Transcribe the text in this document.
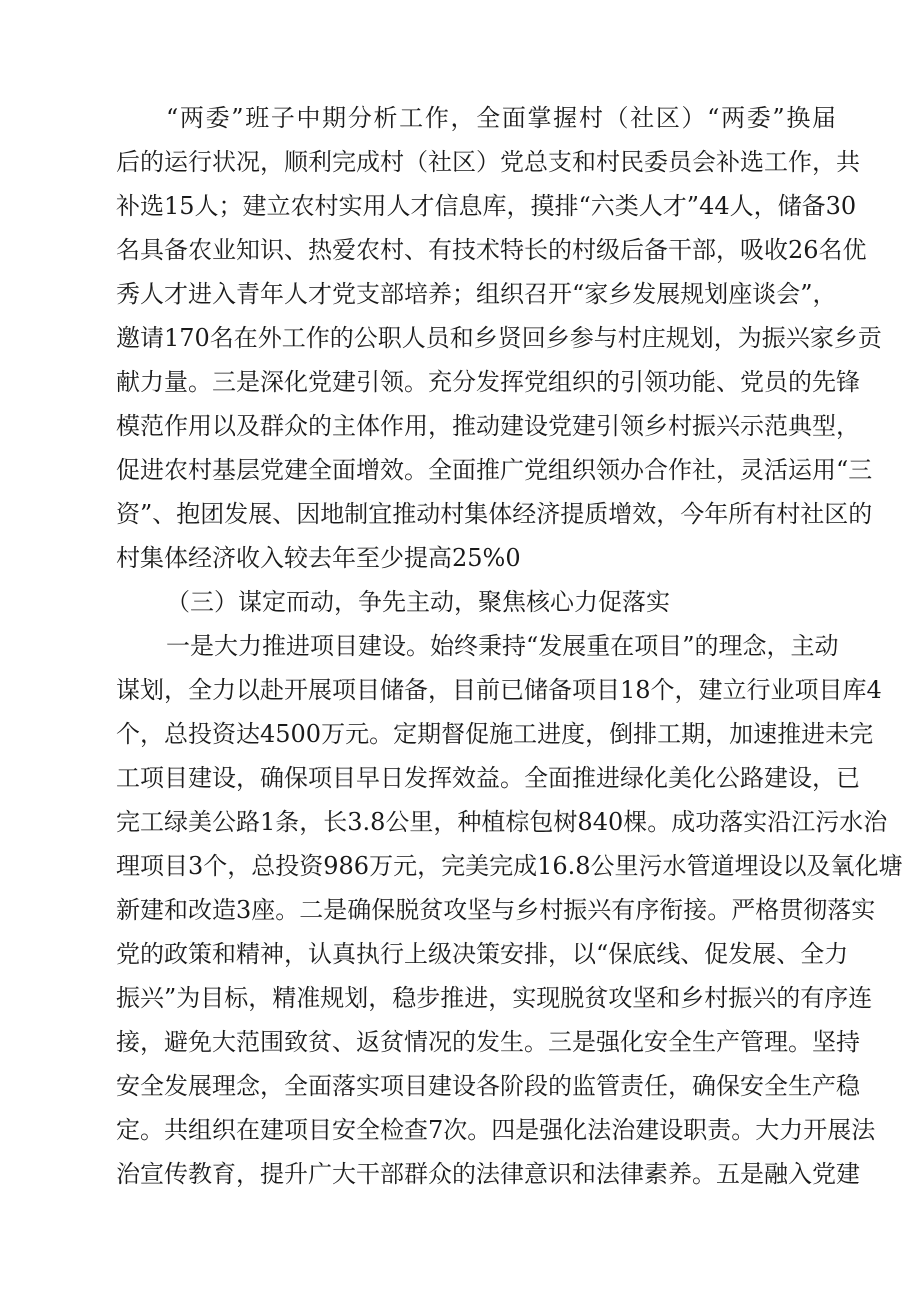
“两委”班子中期分析工作，全面掌握村（社区）“两委”换届
后的运行状况，顺利完成村（社区）党总支和村民委员会补选工作，共
补选15人；建立农村实用人才信息库，摸排“六类人才”44人，储备30
名具备农业知识、热爱农村、有技术特长的村级后备干部，吸收26名优
秀人才进入青年人才党支部培养；组织召开“家乡发展规划座谈会”，
邀请170名在外工作的公职人员和乡贤回乡参与村庄规划，为振兴家乡贡
献力量。三是深化党建引领。充分发挥党组织的引领功能、党员的先锋
模范作用以及群众的主体作用，推动建设党建引领乡村振兴示范典型，
促进农村基层党建全面增效。全面推广党组织领办合作社，灵活运用“三
资”、抱团发展、因地制宜推动村集体经济提质增效，今年所有村社区的
村集体经济收入较去年至少提高25%0
（三）谋定而动，争先主动，聚焦核心力促落实
一是大力推进项目建设。始终秉持“发展重在项目”的理念，主动
谋划，全力以赴开展项目储备，目前已储备项目18个，建立行业项目库4
个，总投资达4500万元。定期督促施工进度，倒排工期，加速推进未完
工项目建设，确保项目早日发挥效益。全面推进绿化美化公路建设，已
完工绿美公路1条，长3.8公里，种植棕包树840棵。成功落实沿江污水治
理项目3个，总投资986万元，完美完成16.8公里污水管道埋设以及氧化塘
新建和改造3座。二是确保脱贫攻坚与乡村振兴有序衔接。严格贯彻落实
党的政策和精神，认真执行上级决策安排，以“保底线、促发展、全力
振兴”为目标，精准规划，稳步推进，实现脱贫攻坚和乡村振兴的有序连
接，避免大范围致贫、返贫情况的发生。三是强化安全生产管理。坚持
安全发展理念，全面落实项目建设各阶段的监管责任，确保安全生产稳
定。共组织在建项目安全检查7次。四是强化法治建设职责。大力开展法
治宣传教育，提升广大干部群众的法律意识和法律素养。五是融入党建
